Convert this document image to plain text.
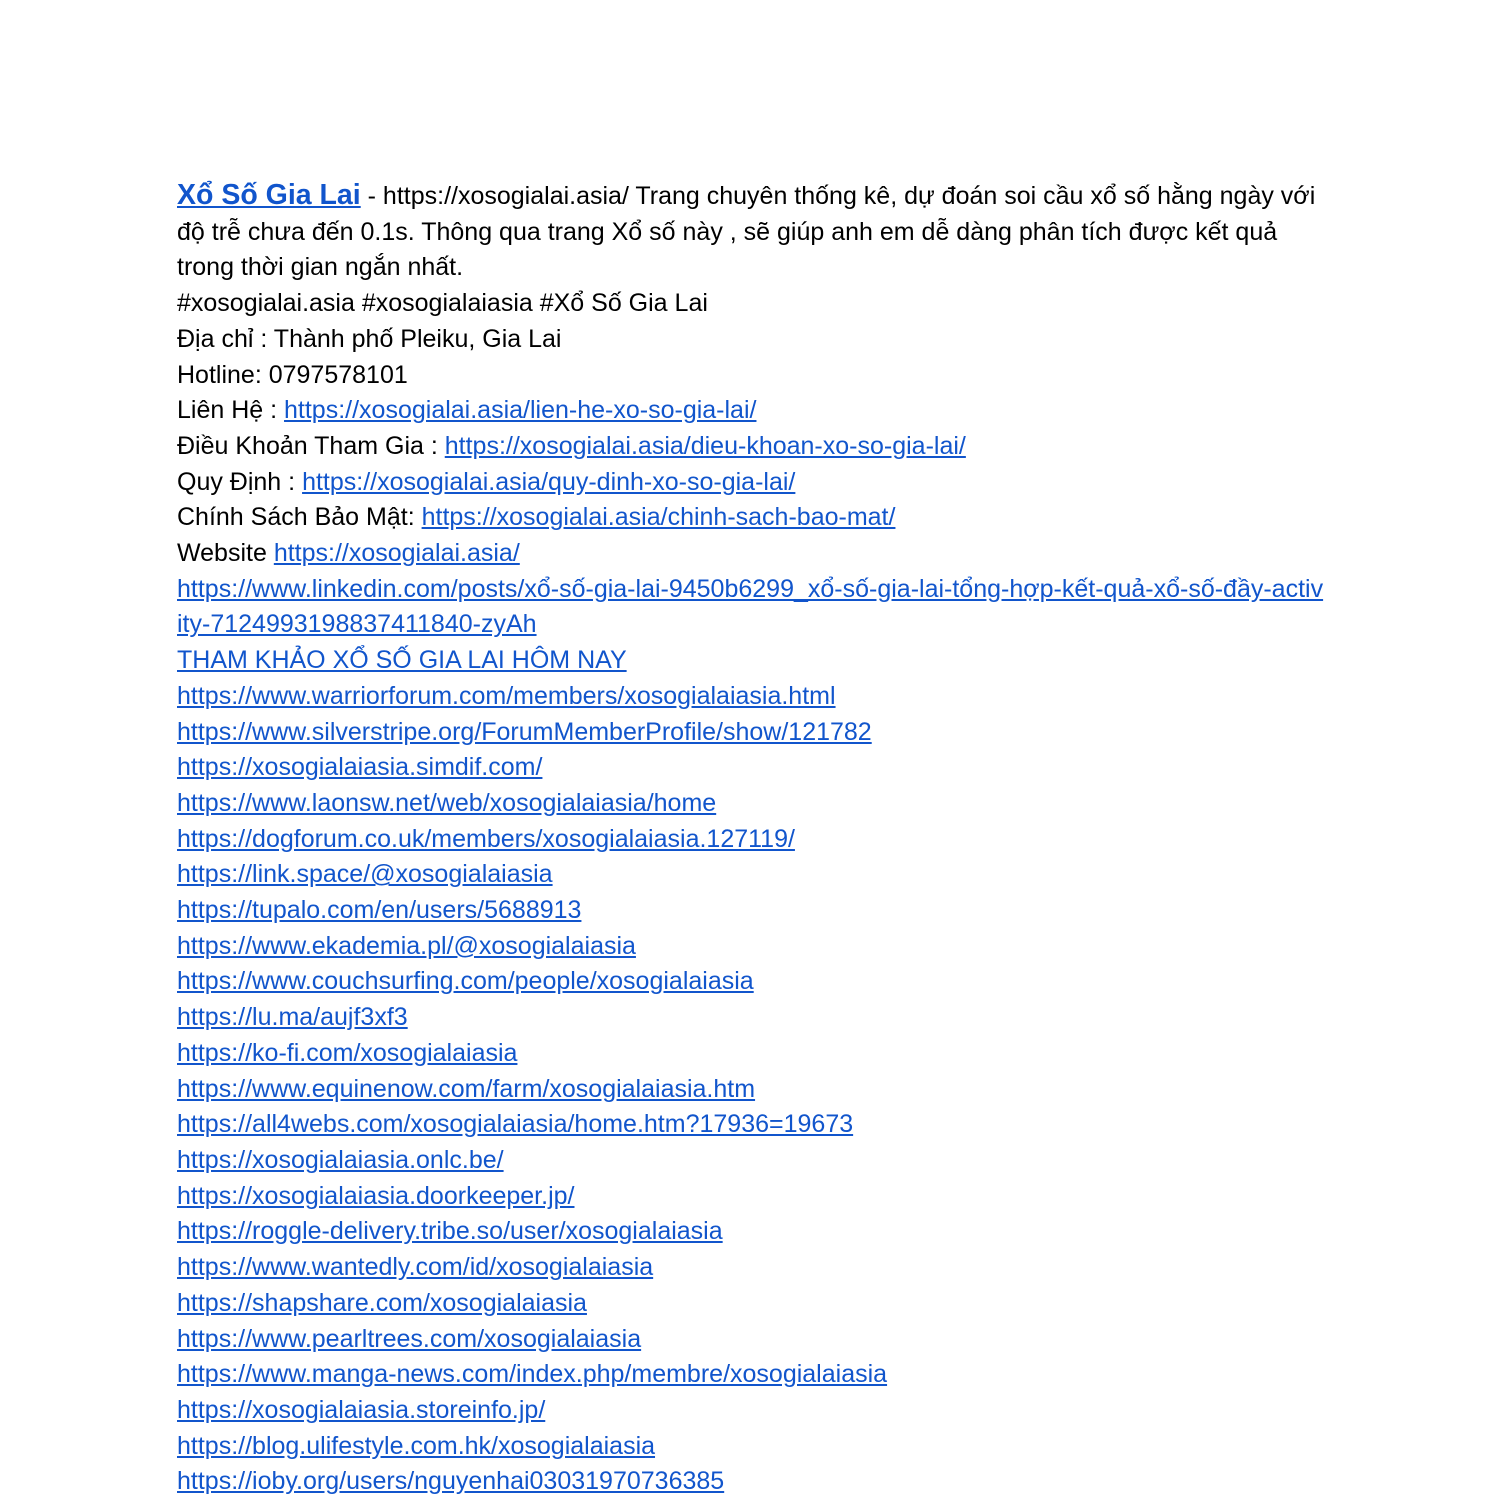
Xổ Số Gia Lai - https://xosogialai.asia/ Trang chuyên thống kê, dự đoán soi cầu xổ số hằng ngày với độ trễ chưa đến 0.1s. Thông qua trang Xổ số này , sẽ giúp anh em dễ dàng phân tích được kết quả trong thời gian ngắn nhất.
#xosogialai.asia #xosogialaiasia #Xổ Số Gia Lai
Địa chỉ : Thành phố Pleiku, Gia Lai
Hotline: 0797578101
Liên Hệ : https://xosogialai.asia/lien-he-xo-so-gia-lai/
Điều Khoản Tham Gia : https://xosogialai.asia/dieu-khoan-xo-so-gia-lai/
Quy Định : https://xosogialai.asia/quy-dinh-xo-so-gia-lai/
Chính Sách Bảo Mật: https://xosogialai.asia/chinh-sach-bao-mat/
Website https://xosogialai.asia/
https://www.linkedin.com/posts/xổ-số-gia-lai-9450b6299_xổ-số-gia-lai-tổng-hợp-kết-quả-xổ-số-đầy-activity-7124993198837411840-zyAh
THAM KHẢO XỔ SỐ GIA LAI HÔM NAY
https://www.warriorforum.com/members/xosogialaiasia.html
https://www.silverstripe.org/ForumMemberProfile/show/121782
https://xosogialaiasia.simdif.com/
https://www.laonsw.net/web/xosogialaiasia/home
https://dogforum.co.uk/members/xosogialaiasia.127119/
https://link.space/@xosogialaiasia
https://tupalo.com/en/users/5688913
https://www.ekademia.pl/@xosogialaiasia
https://www.couchsurfing.com/people/xosogialaiasia
https://lu.ma/aujf3xf3
https://ko-fi.com/xosogialaiasia
https://www.equinenow.com/farm/xosogialaiasia.htm
https://all4webs.com/xosogialaiasia/home.htm?17936=19673
https://xosogialaiasia.onlc.be/
https://xosogialaiasia.doorkeeper.jp/
https://roggle-delivery.tribe.so/user/xosogialaiasia
https://www.wantedly.com/id/xosogialaiasia
https://shapshare.com/xosogialaiasia
https://www.pearltrees.com/xosogialaiasia
https://www.manga-news.com/index.php/membre/xosogialaiasia
https://xosogialaiasia.storeinfo.jp/
https://blog.ulifestyle.com.hk/xosogialaiasia
https://ioby.org/users/nguyenhai03031970736385
